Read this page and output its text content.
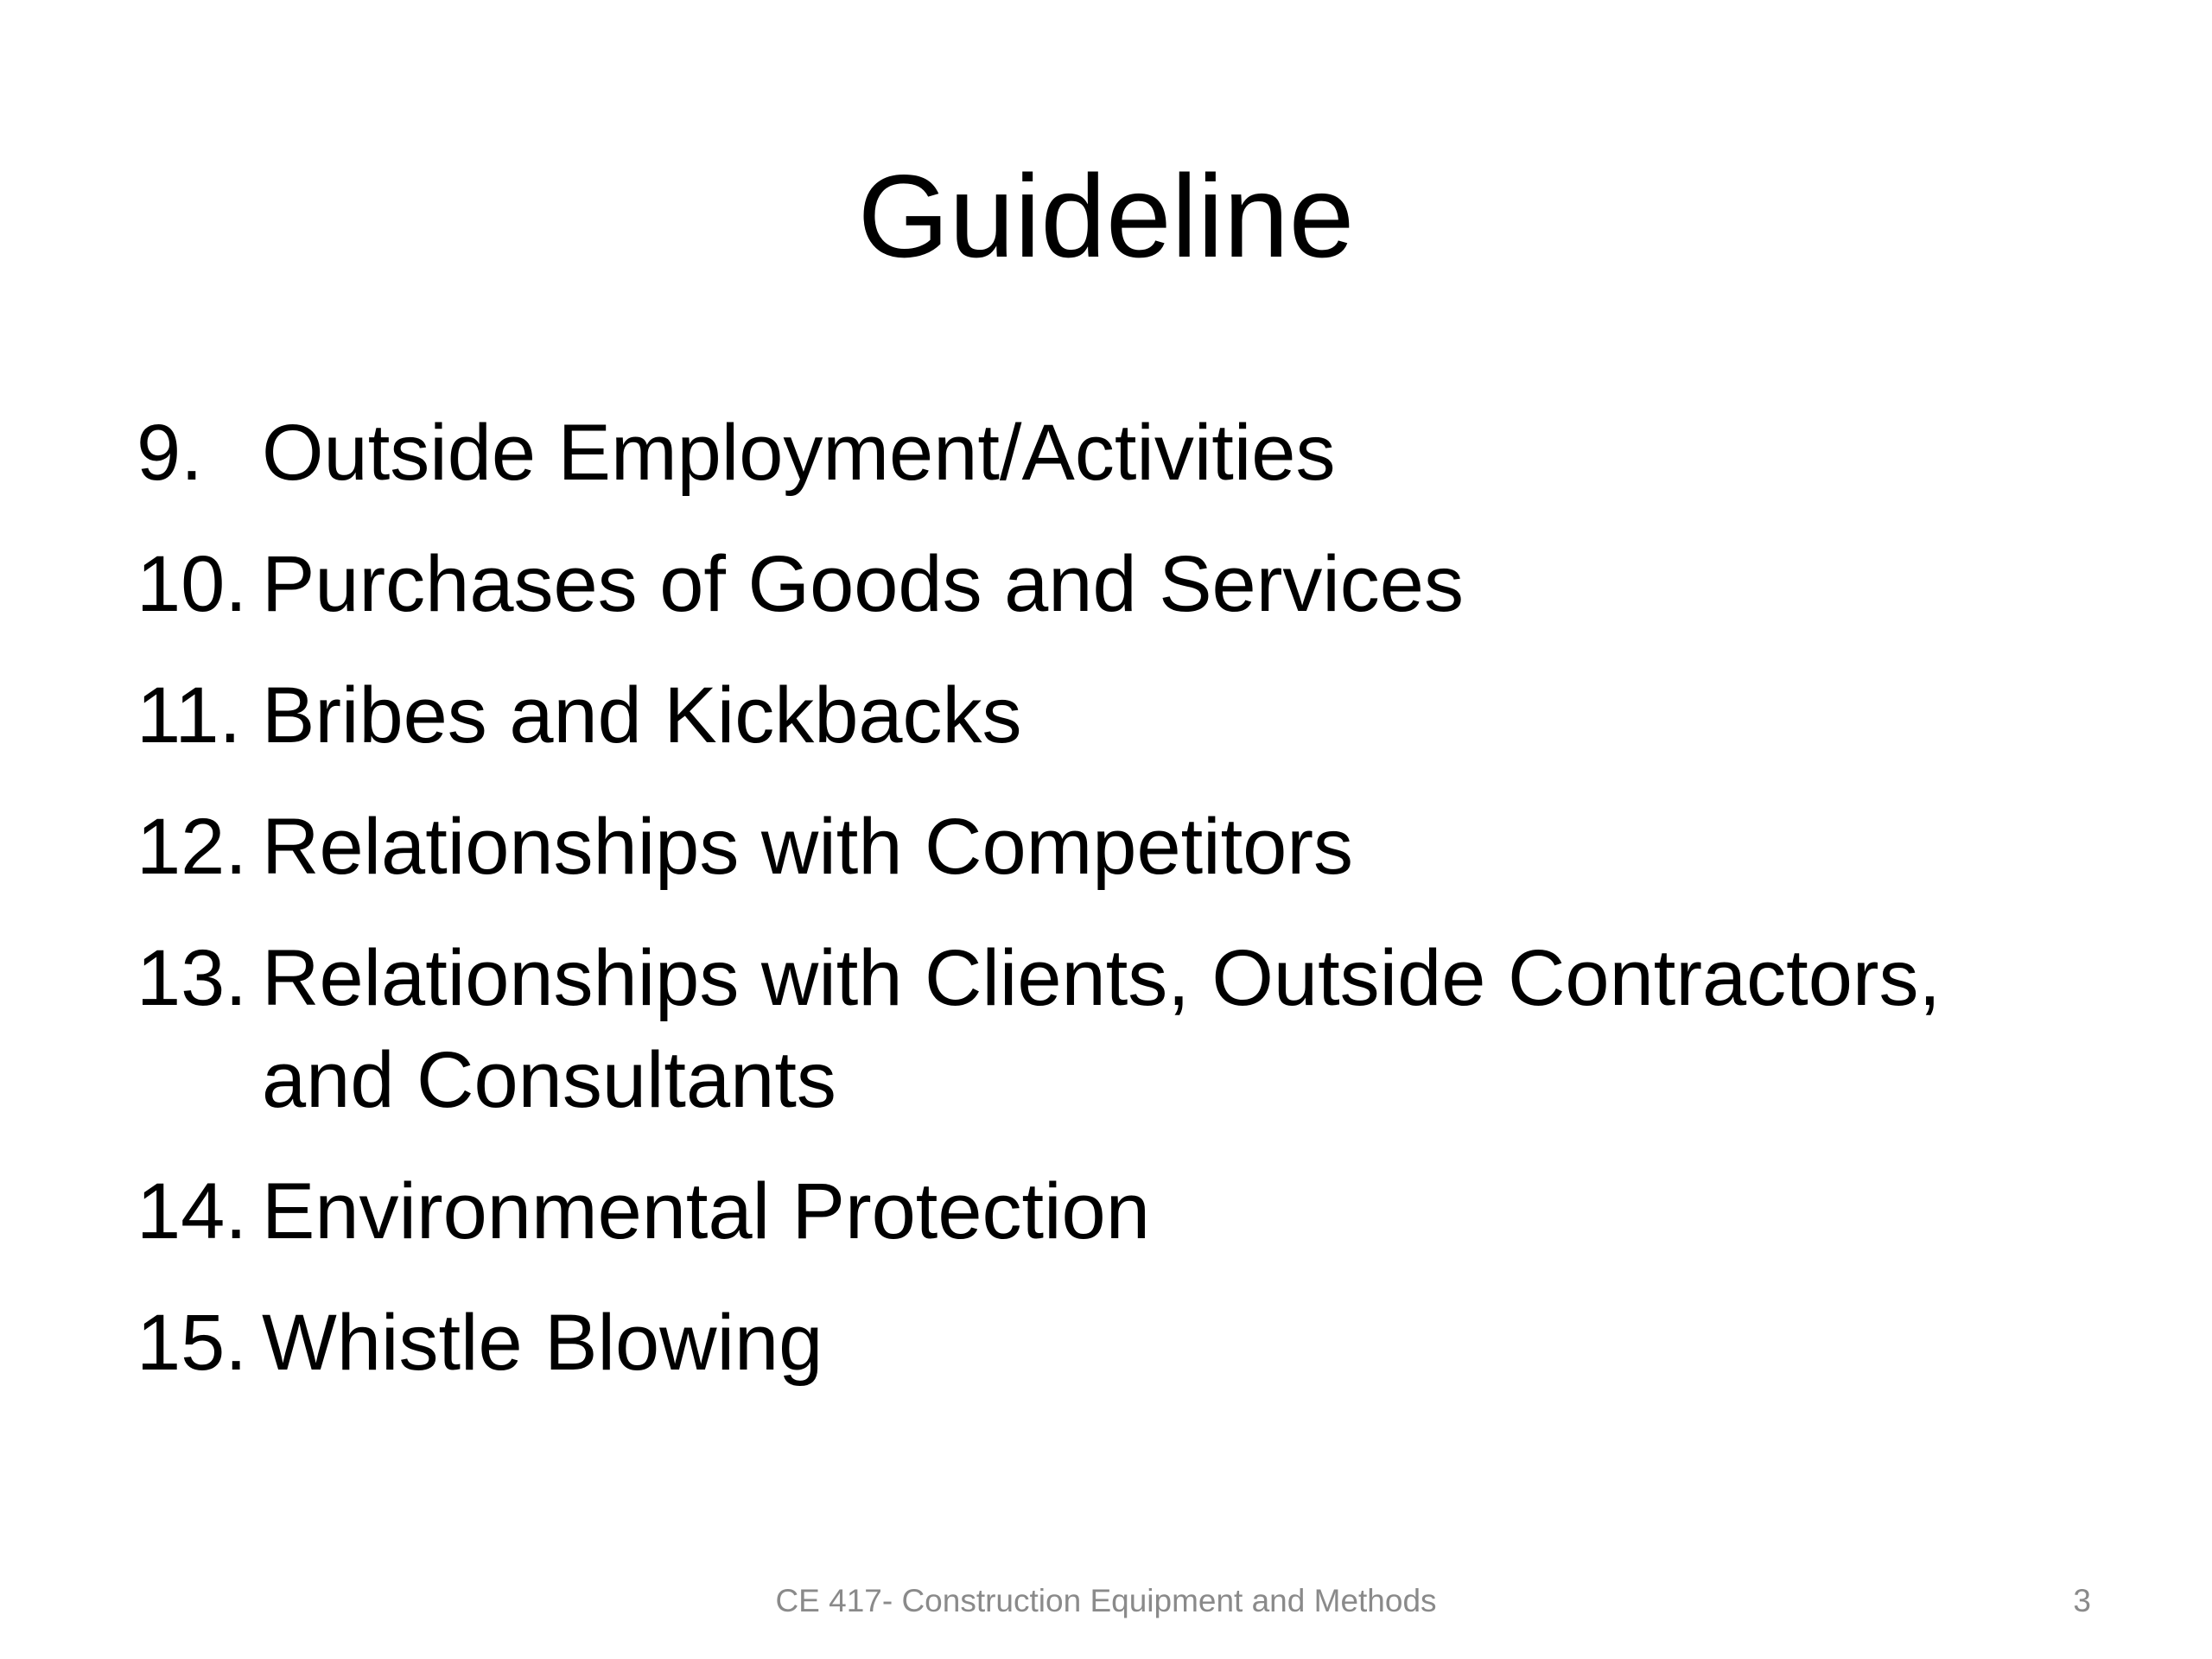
Guideline
9. Outside Employment/Activities
10. Purchases of Goods and Services
11. Bribes and Kickbacks
12. Relationships with Competitors
13. Relationships with Clients, Outside Contractors, and Consultants
14. Environmental Protection
15. Whistle Blowing
CE 417- Construction Equipment and Methods	3
